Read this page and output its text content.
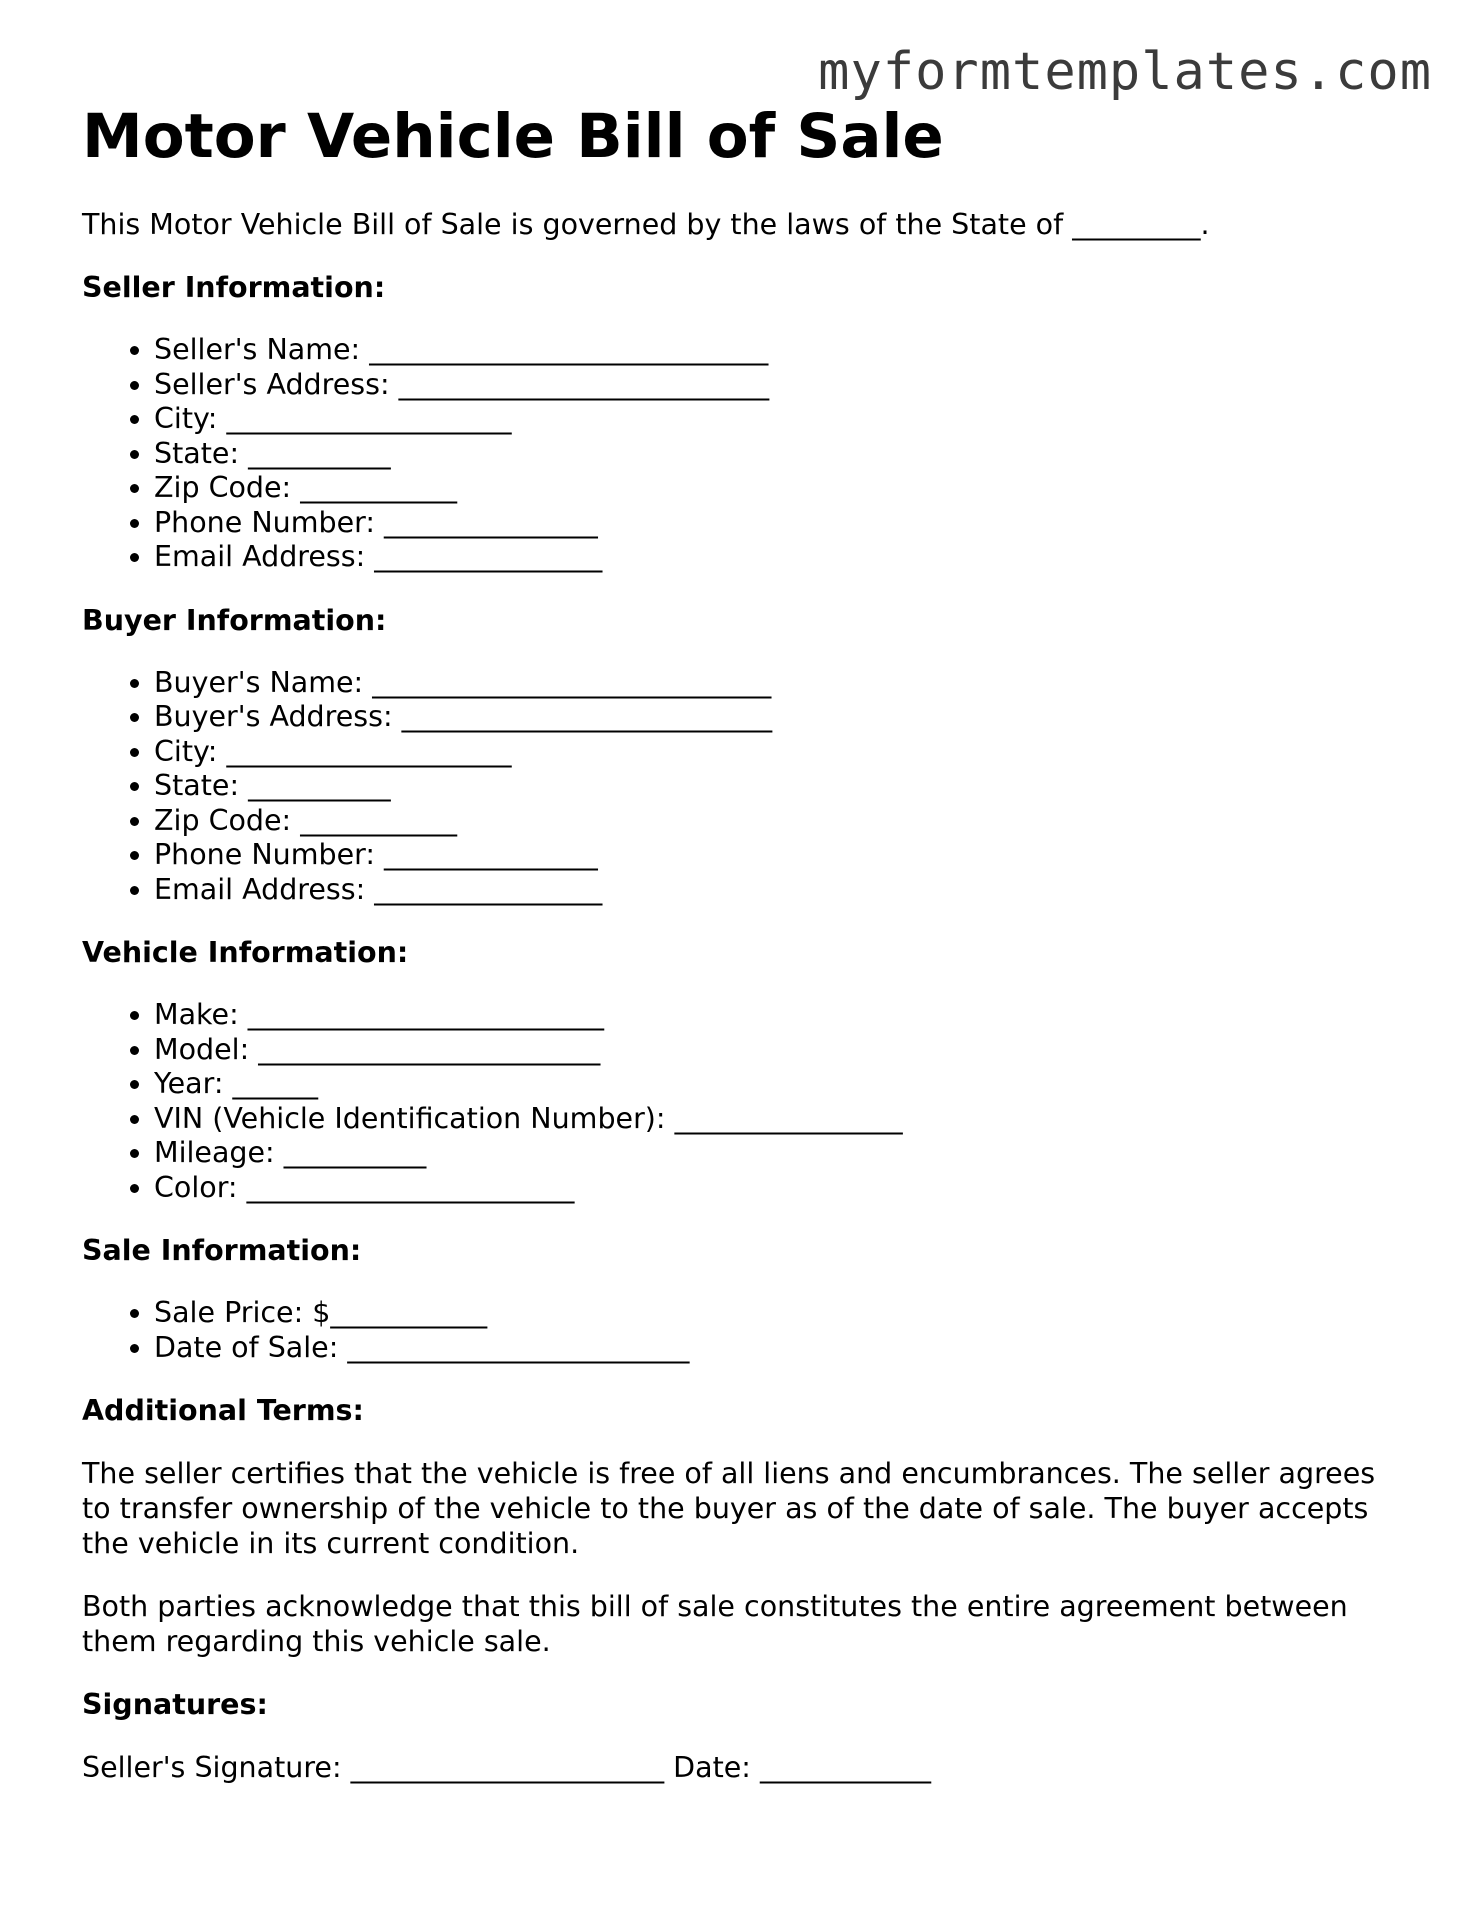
myformtemplates.com
Motor Vehicle Bill of Sale

This Motor Vehicle Bill of Sale is governed by the laws of the State of _________.

Seller Information:
• Seller's Name: ____________________________
• Seller's Address: __________________________
• City: ____________________
• State: __________
• Zip Code: ___________
• Phone Number: _______________
• Email Address: ________________
Buyer Information:
• Buyer's Name: ____________________________
• Buyer's Address: __________________________
• City: ____________________
• State: __________
• Zip Code: ___________
• Phone Number: _______________
• Email Address: ________________
Vehicle Information:
• Make: _________________________
• Model: ________________________
• Year: ______
• VIN (Vehicle Identification Number): ________________
• Mileage: __________
• Color: _______________________
Sale Information:
• Sale Price: $___________
• Date of Sale: ________________________
Additional Terms:

The seller certifies that the vehicle is free of all liens and encumbrances. The seller agrees to transfer ownership of the vehicle to the buyer as of the date of sale. The buyer accepts the vehicle in its current condition.

Both parties acknowledge that this bill of sale constitutes the entire agreement between them regarding this vehicle sale.

Signatures:

Seller's Signature: ______________________ Date: ____________
